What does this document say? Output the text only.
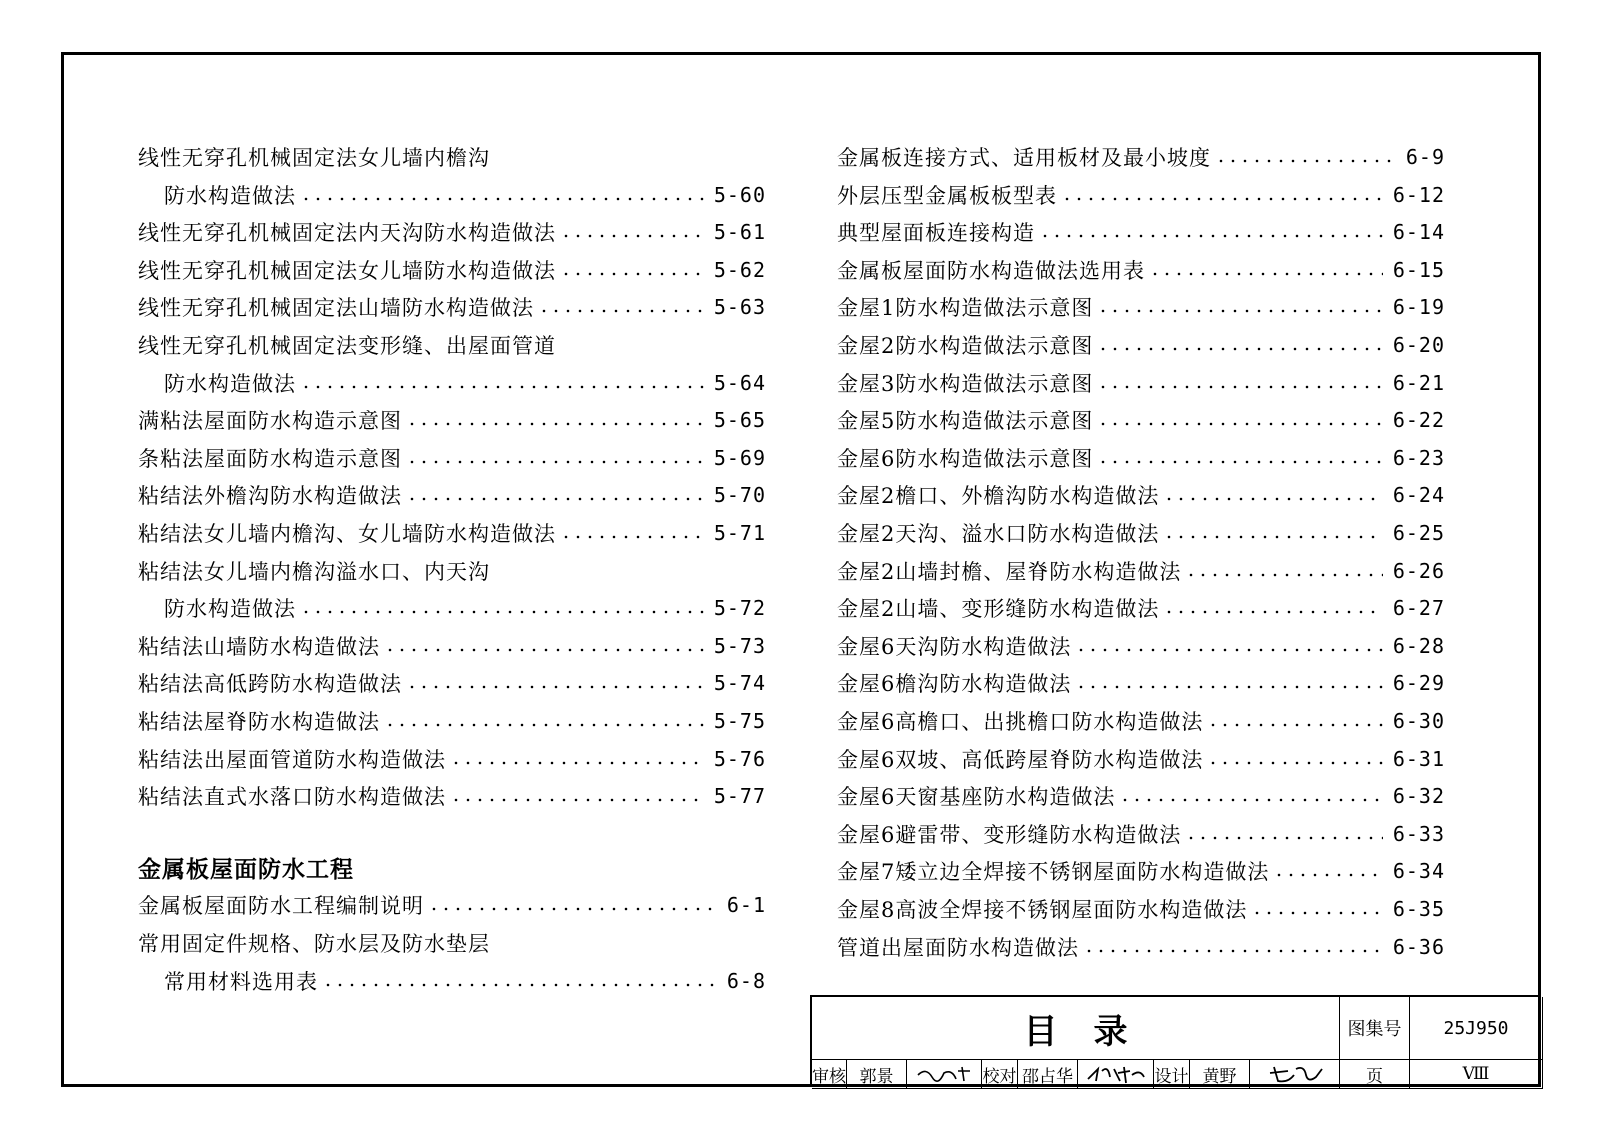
线性无穿孔机械固定法女儿墙内檐沟
防水构造做法	5-60
线性无穿孔机械固定法内天沟防水构造做法	5-61
线性无穿孔机械固定法女儿墙防水构造做法	5-62
线性无穿孔机械固定法山墙防水构造做法	5-63
线性无穿孔机械固定法变形缝、出屋面管道
防水构造做法	5-64
满粘法屋面防水构造示意图	5-65
条粘法屋面防水构造示意图	5-69
粘结法外檐沟防水构造做法	5-70
粘结法女儿墙内檐沟、女儿墙防水构造做法	5-71
粘结法女儿墙内檐沟溢水口、内天沟
防水构造做法	5-72
粘结法山墙防水构造做法	5-73
粘结法高低跨防水构造做法	5-74
粘结法屋脊防水构造做法	5-75
粘结法出屋面管道防水构造做法	5-76
粘结法直式水落口防水构造做法	5-77
金属板屋面防水工程
金属板屋面防水工程编制说明	6-1
常用固定件规格、防水层及防水垫层
常用材料选用表	6-8
金属板连接方式、适用板材及最小坡度	6-9
外层压型金属板板型表	6-12
典型屋面板连接构造	6-14
金属板屋面防水构造做法选用表	6-15
金屋1防水构造做法示意图	6-19
金屋2防水构造做法示意图	6-20
金屋3防水构造做法示意图	6-21
金屋5防水构造做法示意图	6-22
金屋6防水构造做法示意图	6-23
金屋2檐口、外檐沟防水构造做法	6-24
金屋2天沟、溢水口防水构造做法	6-25
金屋2山墙封檐、屋脊防水构造做法	6-26
金屋2山墙、变形缝防水构造做法	6-27
金屋6天沟防水构造做法	6-28
金屋6檐沟防水构造做法	6-29
金屋6高檐口、出挑檐口防水构造做法	6-30
金屋6双坡、高低跨屋脊防水构造做法	6-31
金屋6天窗基座防水构造做法	6-32
金屋6避雷带、变形缝防水构造做法	6-33
金屋7矮立边全焊接不锈钢屋面防水构造做法	6-34
金屋8高波全焊接不锈钢屋面防水构造做法	6-35
管道出屋面防水构造做法	6-36
目录	图集号	25J950
审核 郭景	校对 邵占华	设计 黄野	页	Ⅷ
